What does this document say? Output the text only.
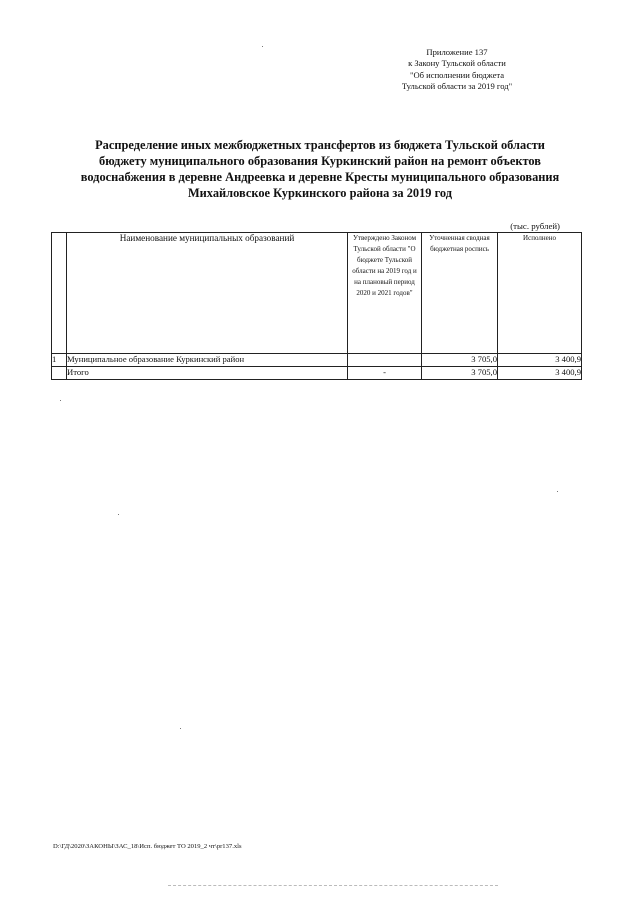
Приложение 137
к Закону Тульской области
"Об исполнении бюджета
Тульской области за 2019 год"
Распределение иных межбюджетных трансфертов из бюджета Тульской области
бюджету муниципального образования Куркинский район на ремонт объектов
водоснабжения в деревне Андреевка и деревне Кресты муниципального образования
Михайловское Куркинского района за 2019 год
(тыс. рублей)
	Наименование муниципальных образований	Утверждено Законом Тульской области "О бюджете Тульской области на 2019 год и на плановый период 2020 и 2021 годов"	Уточненная сводная бюджетная роспись	Исполнено
1	Муниципальное образование Куркинский район		3 705,0	3 400,9
	Итого	-	3 705,0	3 400,9
D:\ГД\2020\ЗАКОНЫ\ЗАС_18\Исп. бюджет ТО 2019_2 чт\pr137.xls
